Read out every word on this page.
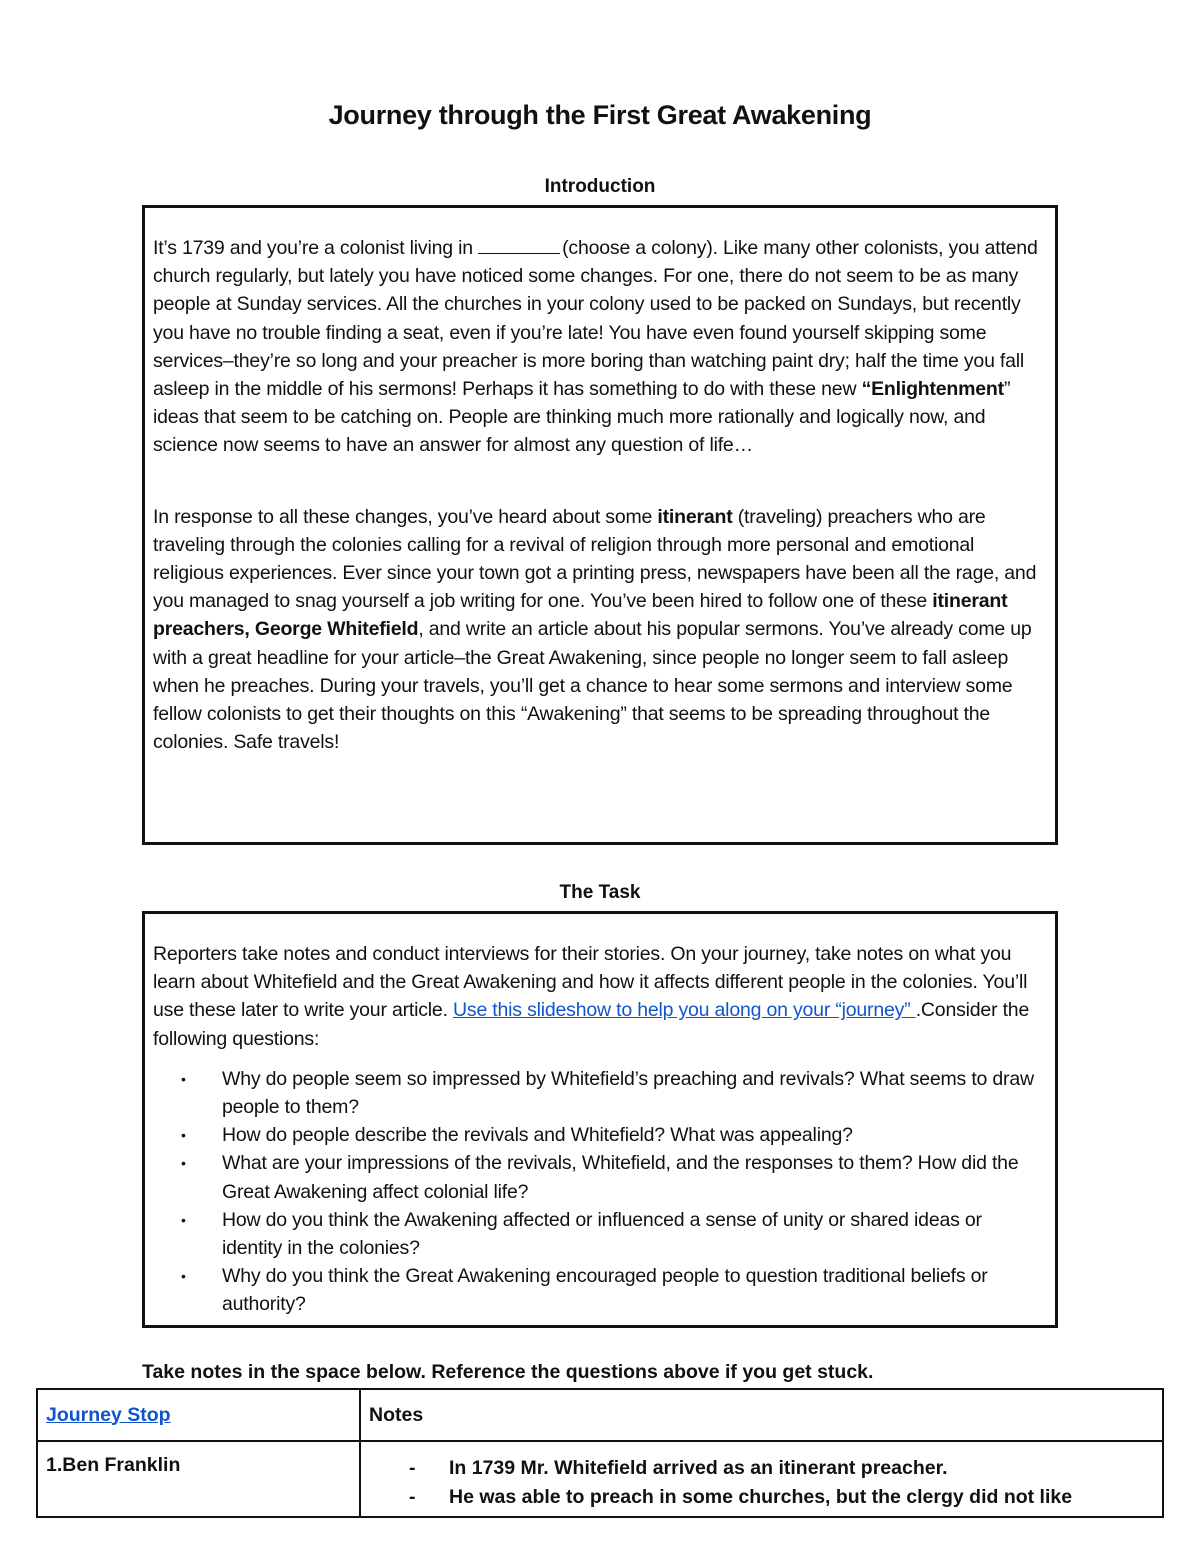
Journey through the First Great Awakening
Introduction

It’s 1739 and you’re a colonist living in	(choose a colony). Like many other colonists, you attend church regularly, but lately you have noticed some changes. For one, there do not seem to be as many people at Sunday services. All the churches in your colony used to be packed on Sundays, but recently you have no trouble finding a seat, even if you’re late! You have even found yourself skipping some services–they’re so long and your preacher is more boring than watching paint dry; half the time you fall asleep in the middle of his sermons! Perhaps it has something to do with these new “Enlightenment” ideas that seem to be catching on. People are thinking much more rationally and logically now, and science now seems to have an answer for almost any question of life…

In response to all these changes, you’ve heard about some itinerant (traveling) preachers who are traveling through the colonies calling for a revival of religion through more personal and emotional religious experiences. Ever since your town got a printing press, newspapers have been all the rage, and you managed to snag yourself a job writing for one. You’ve been hired to follow one of these itinerant preachers, George Whitefield, and write an article about his popular sermons. You’ve already come up with a great headline for your article–the Great Awakening, since people no longer seem to fall asleep when he preaches. During your travels, you’ll get a chance to hear some sermons and interview some fellow colonists to get their thoughts on this “Awakening” that seems to be spreading throughout the colonies. Safe travels!

The Task

Reporters take notes and conduct interviews for their stories. On your journey, take notes on what you learn about Whitefield and the Great Awakening and how it affects different people in the colonies. You’ll use these later to write your article. Use this slideshow to help you along on your “journey” .Consider the following questions:

• Why do people seem so impressed by Whitefield’s preaching and revivals? What seems to draw people to them?
• How do people describe the revivals and Whitefield? What was appealing?
• What are your impressions of the revivals, Whitefield, and the responses to them? How did the Great Awakening affect colonial life?
• How do you think the Awakening affected or influenced a sense of unity or shared ideas or identity in the colonies?
• Why do you think the Great Awakening encouraged people to question traditional beliefs or authority?
Take notes in the space below. Reference the questions above if you get stuck.
Journey Stop	Notes
1.Ben Franklin	- In 1739 Mr. Whitefield arrived as an itinerant preacher.
- He was able to preach in some churches, but the clergy did not like
